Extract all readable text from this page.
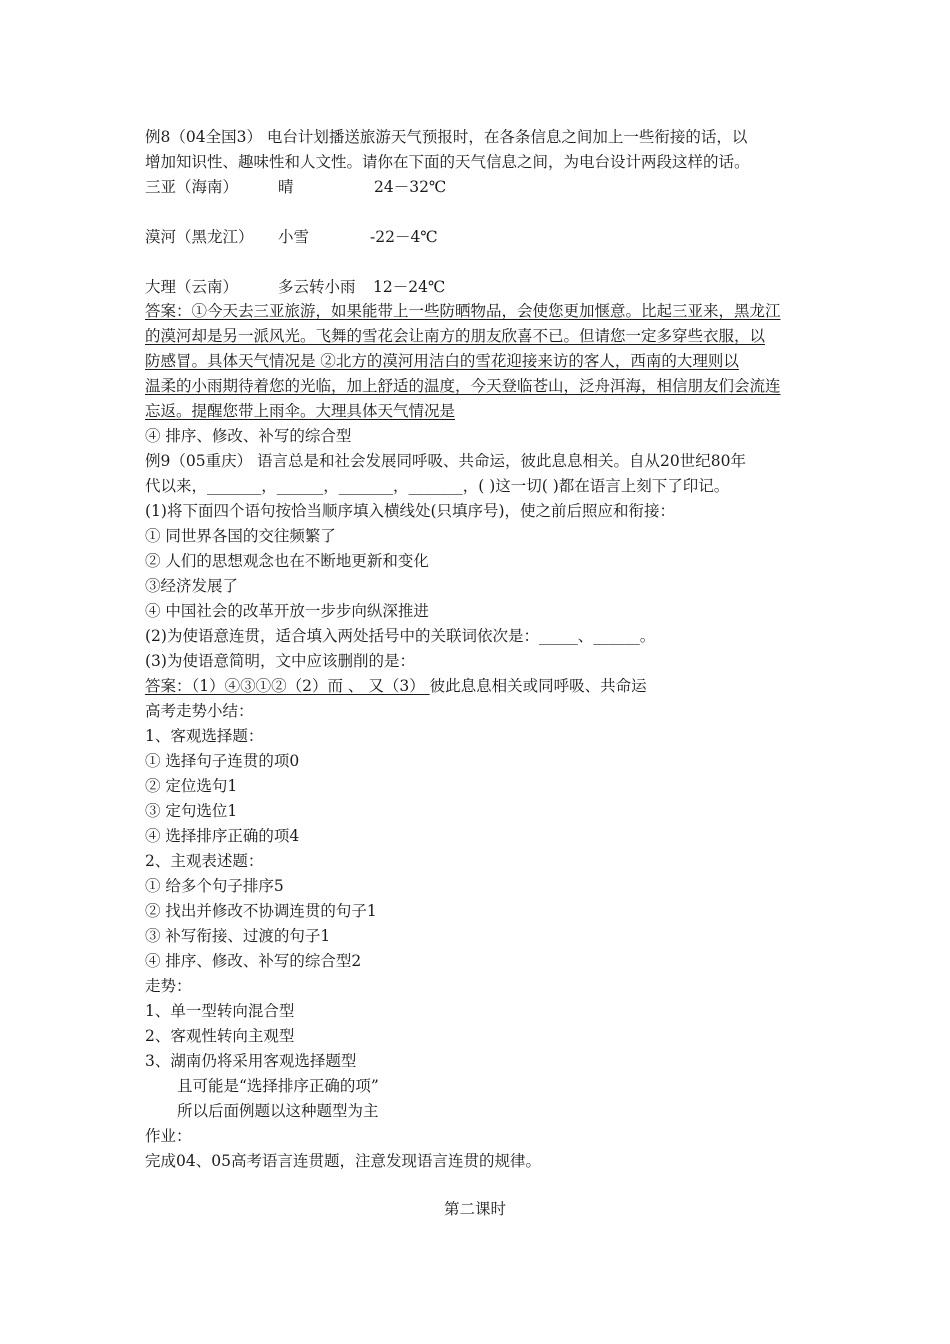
例8（04全国3） 电台计划播送旅游天气预报时，在各条信息之间加上一些衔接的话，以
增加知识性、趣味性和人文性。请你在下面的天气信息之间，为电台设计两段这样的话。
三亚（海南）	晴	24－32℃
漠河（黑龙江） 小雪	-22－4℃
大理（云南）	多云转小雨 12－24℃
答案：①今天去三亚旅游，如果能带上一些防晒物品，会使您更加惬意。比起三亚来，黑龙江
的漠河却是另一派风光。飞舞的雪花会让南方的朋友欣喜不已。但请您一定多穿些衣服，以
防感冒。具体天气情况是 ②北方的漠河用洁白的雪花迎接来访的客人，西南的大理则以
温柔的小雨期待着您的光临，加上舒适的温度，今天登临苍山，泛舟洱海，相信朋友们会流连
忘返。提醒您带上雨伞。大理具体天气情况是
④ 排序、修改、补写的综合型
例9（05重庆） 语言总是和社会发展同呼吸、共命运，彼此息息相关。自从20世纪80年
代以来，_______，______，_______，_______，( )这一切( )都在语言上刻下了印记。
(1)将下面四个语句按恰当顺序填入横线处(只填序号)，使之前后照应和衔接：
① 同世界各国的交往频繁了
② 人们的思想观念也在不断地更新和变化
③经济发展了
④ 中国社会的改革开放一步步向纵深推进
(2)为使语意连贯，适合填入两处括号中的关联词依次是：_____、______。
(3)为使语意简明，文中应该删削的是：
答案：（1）④③①②（2）而 、 又（3） 彼此息息相关或同呼吸、共命运
高考走势小结：
1、客观选择题：
① 选择句子连贯的项0
② 定位选句1
③ 定句选位1
④ 选择排序正确的项4
2、主观表述题：
① 给多个句子排序5
② 找出并修改不协调连贯的句子1
③ 补写衔接、过渡的句子1
④ 排序、修改、补写的综合型2
走势：
1、单一型转向混合型
2、客观性转向主观型
3、湖南仍将采用客观选择题型
且可能是“选择排序正确的项”
所以后面例题以这种题型为主
作业：
完成04、05高考语言连贯题，注意发现语言连贯的规律。
第二课时
